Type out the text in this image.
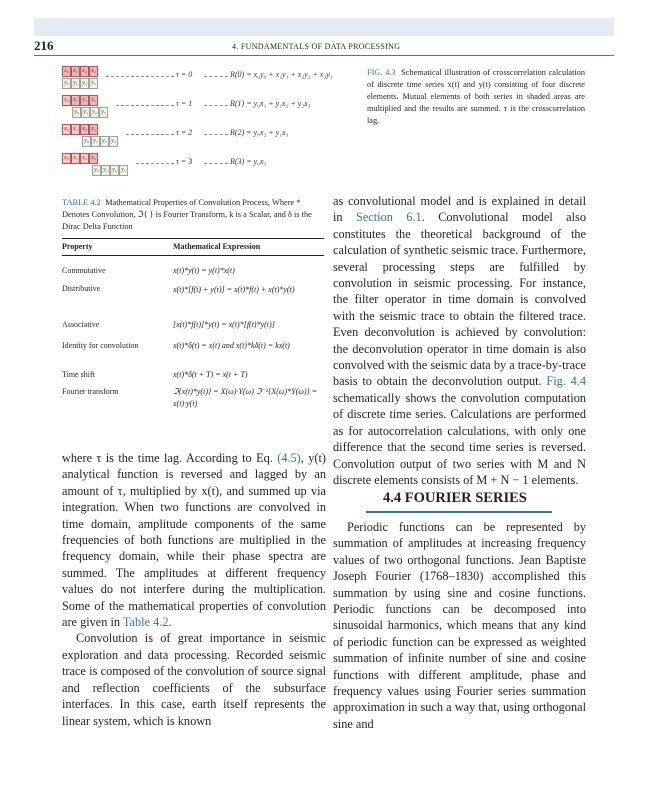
216	4. FUNDAMENTALS OF DATA PROCESSING
x₀ x₁ x₂ x₃
y₀ y₁ y₂ y₃
τ = 0	R(0) = x₀y₀ + x₁y₁ + x₂y₂ + x₃y₃
x₀ x₁ x₂ x₃
y₀ y₁ y₂ y₃
τ = 1	R(1) = y₀x₁ + y₁x₂ + y₂x₃
x₀ x₁ x₂ x₃
y₀ y₁ y₂ y₃
τ = 2	R(2) = y₀x₂ + y₁x₃
x₀ x₁ x₂ x₃
y₀ y₁ y₂ y₃
τ = 3	R(3) = y₀x₃
FIG. 4.3 Schematical illustration of crosscorrelation calculation of discrete time series x(t) and y(t) consisting of four discrete elements. Mutual elements of both series in shaded areas are multiplied and the results are summed. τ is the crosscorrelation lag.
TABLE 4.2 Mathematical Properties of Convolution Process, Where * Denotes Convolution, ℑ{ } is Fourier Transform, k is a Scalar, and δ is the Dirac Delta Function
Property	Mathematical Expression
Commutative	x(t)*y(t) = y(t)*x(t)
Distributive	x(t)*[f(t) + y(t)] = x(t)*f(t) + x(t)*y(t)
Associative	[x(t)*f(t)]*y(t) = x(t)*[f(t)*y(t)]
Identity for convolution	x(t)*δ(t) = x(t) and x(t)*kδ(t) = kx(t)
Time shift	x(t)*δ(t + T) = x(t + T)
Fourier transform	ℑ{x(t)*y(t)} = X(ω)·Y(ω) ℑ⁻¹{X(ω)*Y(ω)} = x(t)·y(t)

where τ is the time lag. According to Eq. (4.5), y(t) analytical function is reversed and lagged by an amount of τ, multiplied by x(t), and summed up via integration. When two functions are convolved in time domain, amplitude components of the same frequencies of both functions are multiplied in the frequency domain, while their phase spectra are summed. The amplitudes at different frequency values do not interfere during the multiplication. Some of the mathematical properties of convolution are given in Table 4.2.

Convolution is of great importance in seismic exploration and data processing. Recorded seismic trace is composed of the convolution of source signal and reflection coefficients of the subsurface interfaces. In this case, earth itself represents the linear system, which is known

as convolutional model and is explained in detail in Section 6.1. Convolutional model also constitutes the theoretical background of the calculation of synthetic seismic trace. Furthermore, several processing steps are fulfilled by convolution in seismic processing. For instance, the filter operator in time domain is convolved with the seismic trace to obtain the filtered trace. Even deconvolution is achieved by convolution: the deconvolution operator in time domain is also convolved with the seismic data by a trace-by-trace basis to obtain the deconvolution output. Fig. 4.4 schematically shows the convolution computation of discrete time series. Calculations are performed as for autocorrelation calculations, with only one difference that the second time series is reversed. Convolution output of two series with M and N discrete elements consists of M + N − 1 elements.

4.4 FOURIER SERIES

Periodic functions can be represented by summation of amplitudes at increasing frequency values of two orthogonal functions. Jean Baptiste Joseph Fourier (1768–1830) accomplished this summation by using sine and cosine functions. Periodic functions can be decomposed into sinusoidal harmonics, which means that any kind of periodic function can be expressed as weighted summation of infinite number of sine and cosine functions with different amplitude, phase and frequency values using Fourier series summation approximation in such a way that, using orthogonal sine and
